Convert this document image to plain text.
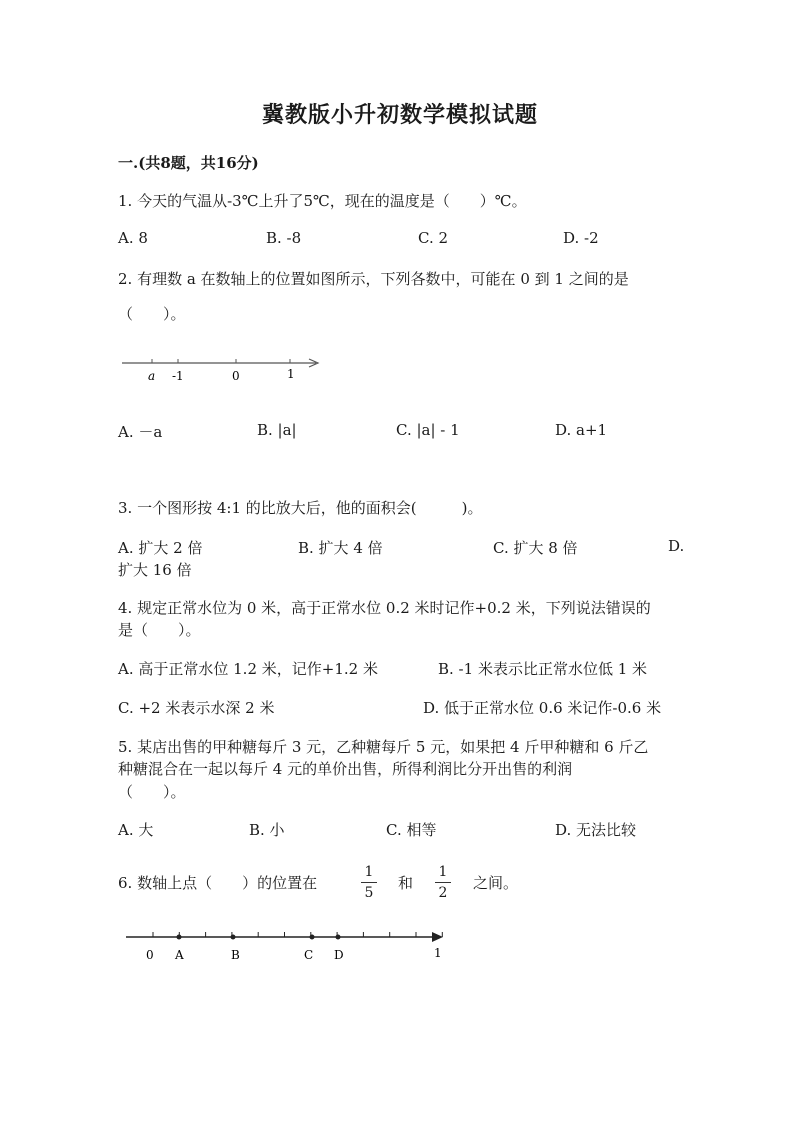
冀教版小升初数学模拟试题
一.(共8题，共16分)
1. 今天的气温从-3℃上升了5℃，现在的温度是（　　）℃。
A. 8	B. -8	C. 2	D. -2
2. 有理数 a 在数轴上的位置如图所示，下列各数中，可能在 0 到 1 之间的是
（　　）。
a -1	0	1
A. －a	B. |a|	C. |a| - 1	D. a+1
3. 一个图形按 4:1 的比放大后，他的面积会(　　　)。
A. 扩大 2 倍	B. 扩大 4 倍	C. 扩大 8 倍	D.
扩大 16 倍
4. 规定正常水位为 0 米，高于正常水位 0.2 米时记作+0.2 米，下列说法错误的
是（　　）。
A. 高于正常水位 1.2 米，记作+1.2 米	B. -1 米表示比正常水位低 1 米
C. +2 米表示水深 2 米	D. 低于正常水位 0.6 米记作-0.6 米
5. 某店出售的甲种糖每斤 3 元，乙种糖每斤 5 元，如果把 4 斤甲种糖和 6 斤乙
种糖混合在一起以每斤 4 元的单价出售，所得利润比分开出售的利润
（　　）。
A. 大	B. 小	C. 相等	D. 无法比较
6. 数轴上点（　　）的位置在
1
5
和
1
2
之间。
0 A	B	C D	1
